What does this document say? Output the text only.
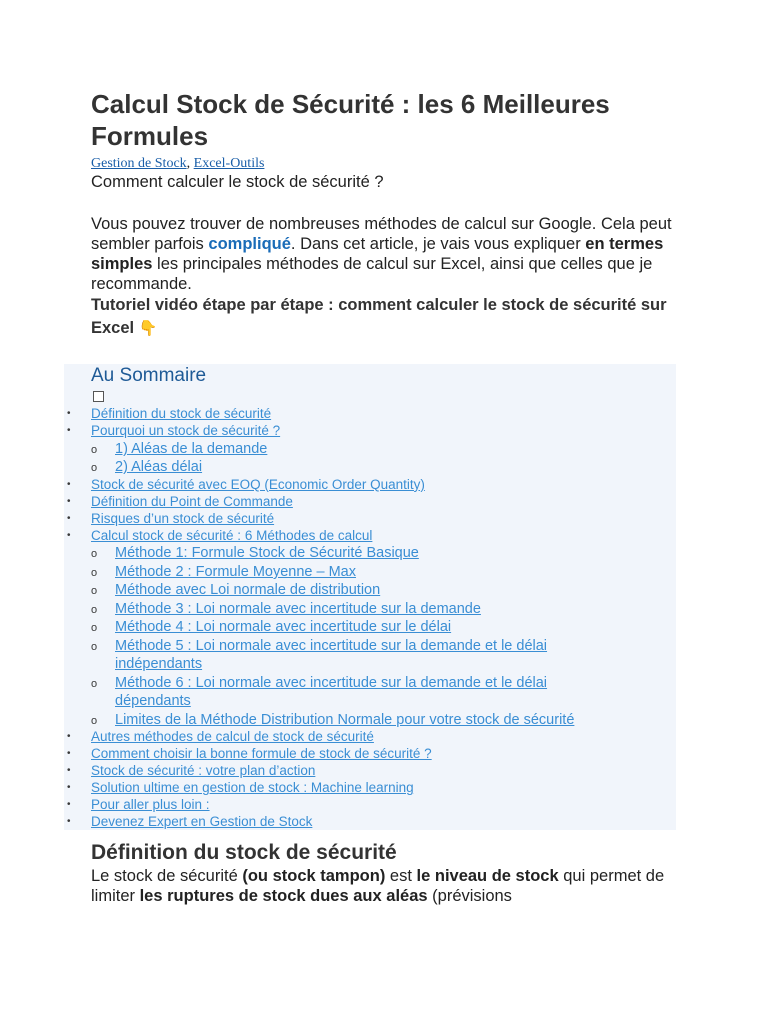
Calcul Stock de Sécurité : les 6 Meilleures Formules
Gestion de Stock, Excel-Outils

Comment calculer le stock de sécurité ?

Vous pouvez trouver de nombreuses méthodes de calcul sur Google. Cela peut sembler parfois compliqué. Dans cet article, je vais vous expliquer en termes simples les principales méthodes de calcul sur Excel, ainsi que celles que je recommande.

Tutoriel vidéo étape par étape : comment calculer le stock de sécurité sur Excel 👇

Au Sommaire
• Définition du stock de sécurité
• Pourquoi un stock de sécurité ?
o 1) Aléas de la demande
o 2) Aléas délai
• Stock de sécurité avec EOQ (Economic Order Quantity)
• Définition du Point de Commande
• Risques d’un stock de sécurité
• Calcul stock de sécurité : 6 Méthodes de calcul
o Méthode 1: Formule Stock de Sécurité Basique
o Méthode 2 : Formule Moyenne – Max
o Méthode avec Loi normale de distribution
o Méthode 3 : Loi normale avec incertitude sur la demande
o Méthode 4 : Loi normale avec incertitude sur le délai
o Méthode 5 : Loi normale avec incertitude sur la demande et le délai indépendants
o Méthode 6 : Loi normale avec incertitude sur la demande et le délai dépendants
o Limites de la Méthode Distribution Normale pour votre stock de sécurité
• Autres méthodes de calcul de stock de sécurité
• Comment choisir la bonne formule de stock de sécurité ?
• Stock de sécurité : votre plan d’action
• Solution ultime en gestion de stock : Machine learning
• Pour aller plus loin :
• Devenez Expert en Gestion de Stock
Définition du stock de sécurité

Le stock de sécurité (ou stock tampon) est le niveau de stock qui permet de limiter les ruptures de stock dues aux aléas (prévisions
